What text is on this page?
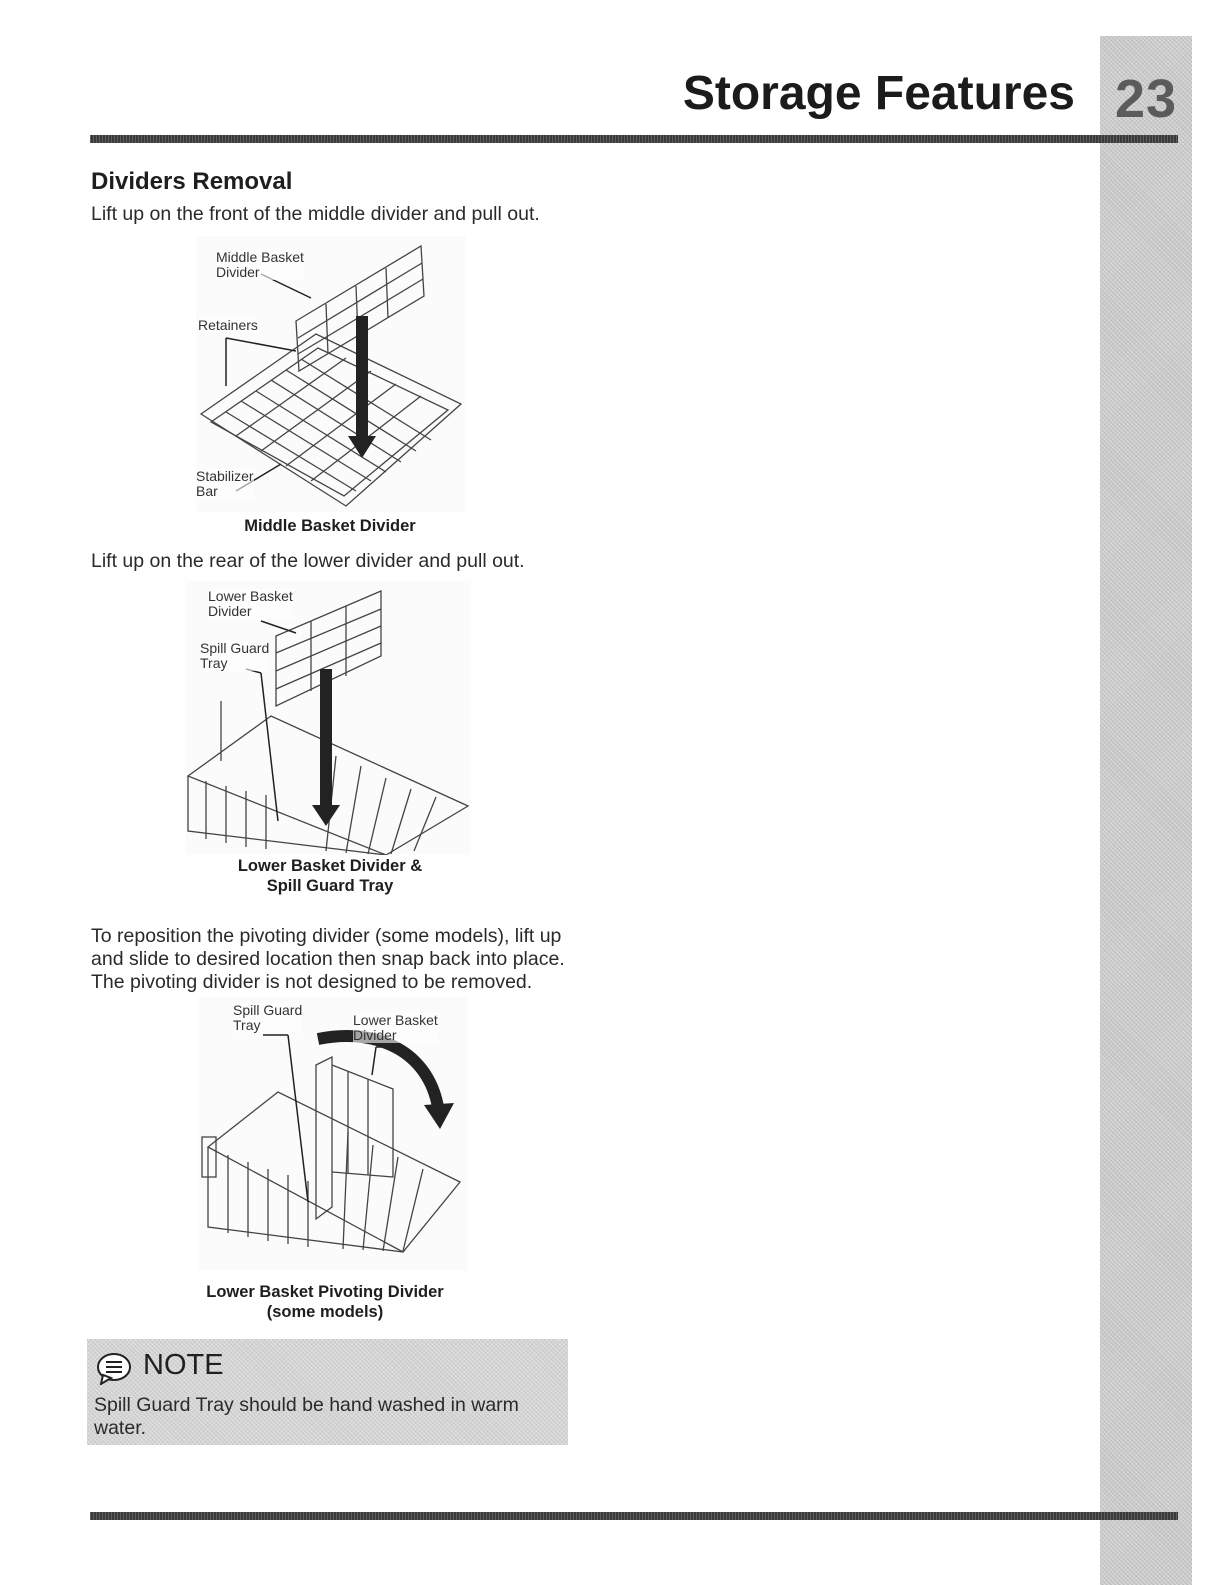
23
Storage Features
Dividers Removal
Lift up on the front of the middle divider and pull out.
Middle Basket
Divider
Retainers
Stabilizer
Bar
Middle Basket Divider
Lift up on the rear of the lower divider and pull out.
Lower Basket
Divider
Spill Guard
Tray
Lower Basket Divider &
Spill Guard Tray
To reposition the pivoting divider (some models), lift up and slide to desired location then snap back into place. The pivoting divider is not designed to be removed.
Spill Guard
Tray	Lower Basket
Divider
Lower Basket Pivoting Divider
(some models)
NOTE
Spill Guard Tray should be hand washed in warm water.
